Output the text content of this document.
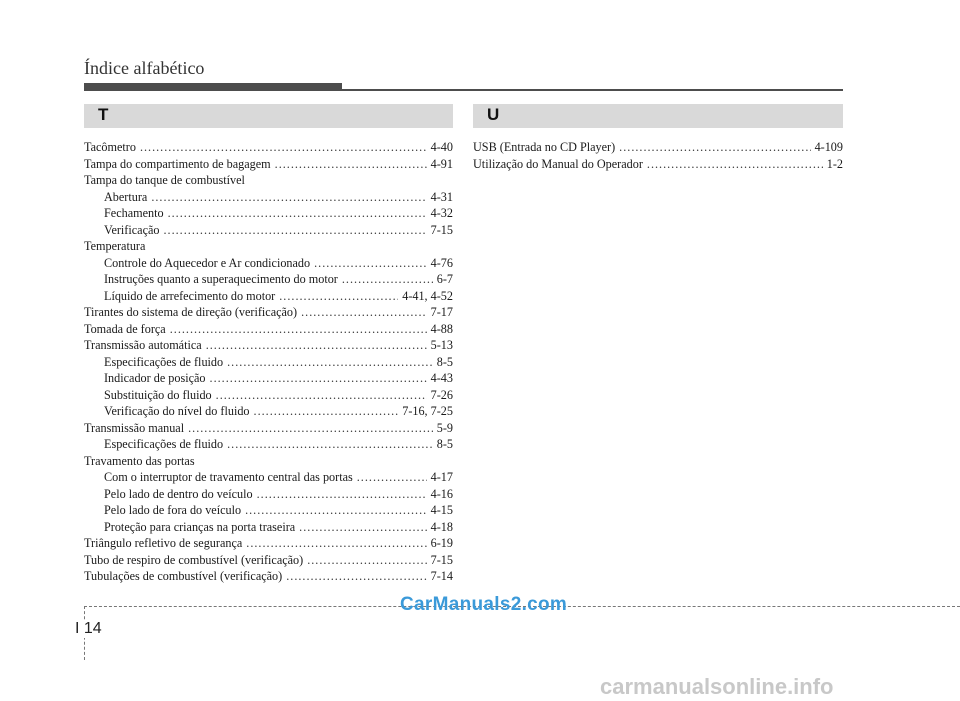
Índice alfabético
T	U
Tacômetro .....	4-40
Tampa do compartimento de bagagem .....	4-91
Tampa do tanque de combustível
Abertura .....	4-31
Fechamento .....	4-32
Verificação .....	7-15
Temperatura
Controle do Aquecedor e Ar condicionado .....	4-76
Instruções quanto a superaquecimento do motor .....	6-7
Líquido de arrefecimento do motor .....	4-41, 4-52
Tirantes do sistema de direção (verificação) .....	7-17
Tomada de força .....	4-88
Transmissão automática .....	5-13
Especificações de fluido .....	8-5
Indicador de posição .....	4-43
Substituição do fluido .....	7-26
Verificação do nível do fluido .....	7-16, 7-25
Transmissão manual .....	5-9
Especificações de fluido .....	8-5
Travamento das portas
Com o interruptor de travamento central das portas .....	4-17
Pelo lado de dentro do veículo .....	4-16
Pelo lado de fora do veículo .....	4-15
Proteção para crianças na porta traseira .....	4-18
Triângulo refletivo de segurança .....	6-19
Tubo de respiro de combustível (verificação) .....	7-15
Tubulações de combustível (verificação) .....	7-14
USB (Entrada no CD Player) .....	4-109
Utilização do Manual do Operador .....	1-2
I 14
CarManuals2.com
carmanualsonline.info
